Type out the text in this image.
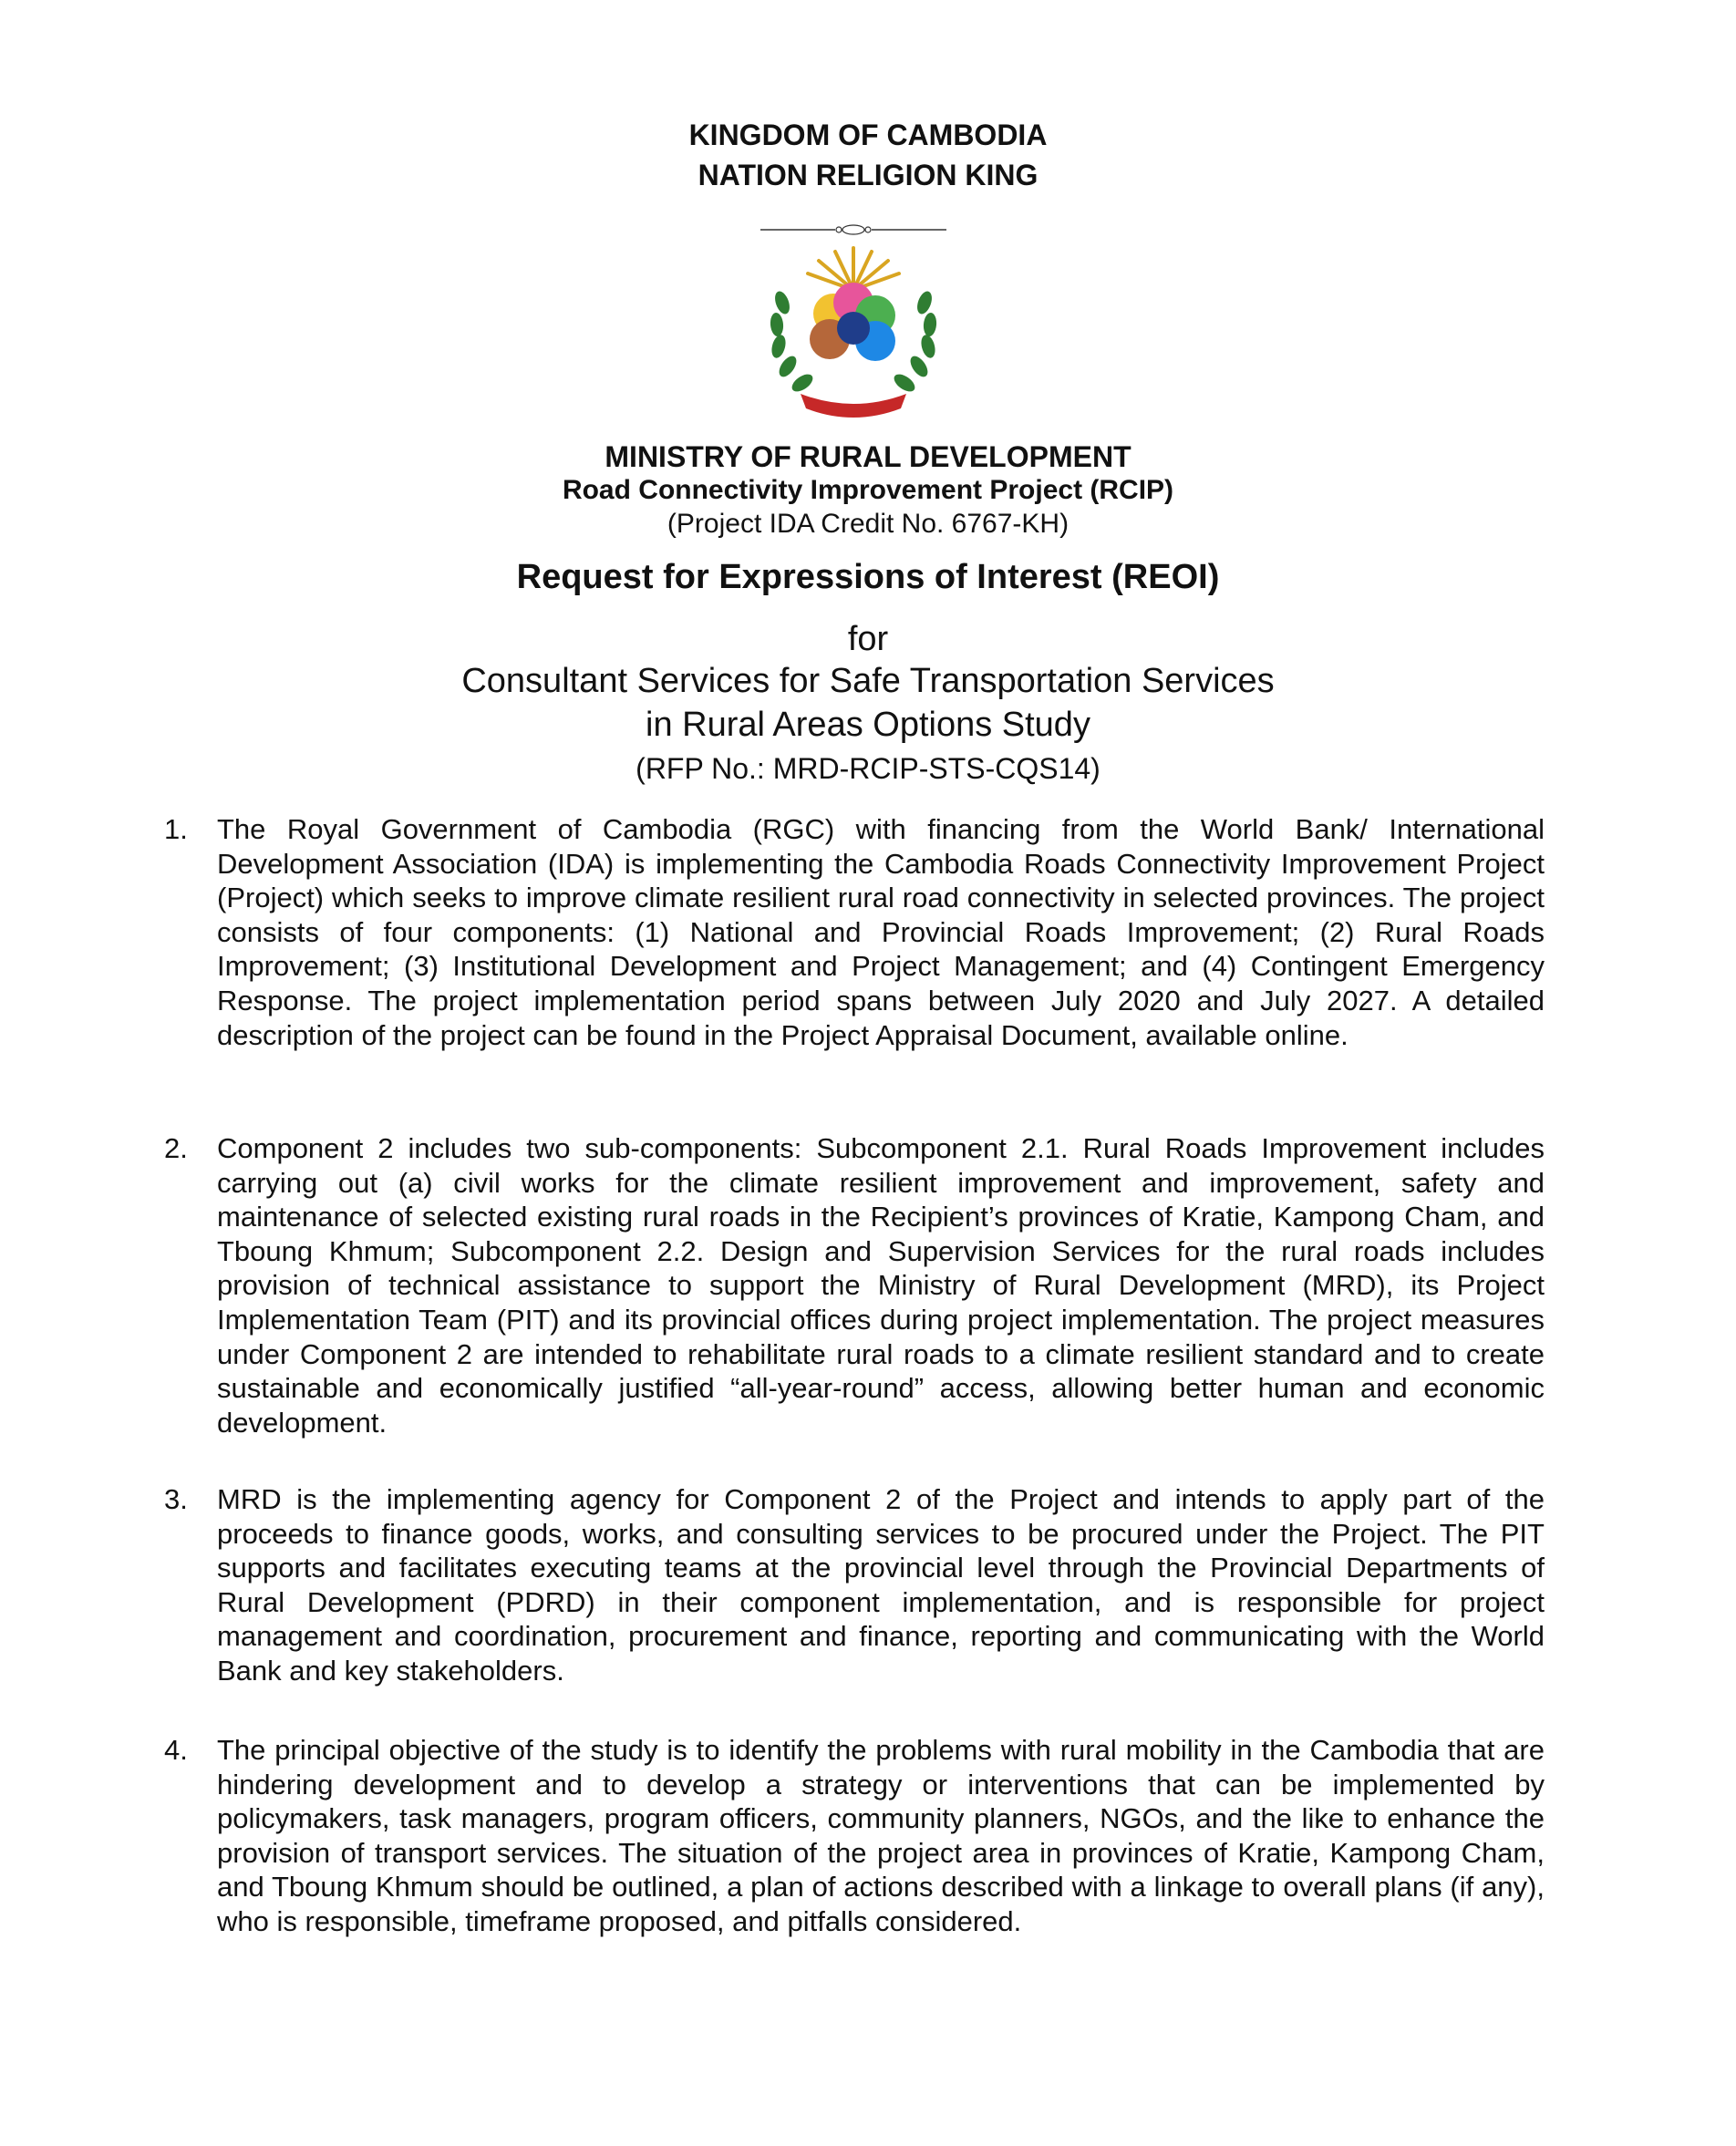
KINGDOM OF CAMBODIA
NATION RELIGION KING
MINISTRY OF RURAL DEVELOPMENT
Road Connectivity Improvement Project (RCIP)
(Project IDA Credit No. 6767-KH)
Request for Expressions of Interest (REOI)
for
Consultant Services for Safe Transportation Services
in Rural Areas Options Study
(RFP No.: MRD-RCIP-STS-CQS14)
1.	The Royal Government of Cambodia (RGC) with financing from the World Bank/ International Development Association (IDA) is implementing the Cambodia Roads Connectivity Improvement Project (Project) which seeks to improve climate resilient rural road connectivity in selected provinces. The project consists of four components: (1) National and Provincial Roads Improvement; (2) Rural Roads Improvement; (3) Institutional Development and Project Management; and (4) Contingent Emergency Response. The project implementation period spans between July 2020 and July 2027. A detailed description of the project can be found in the Project Appraisal Document, available online.
2.	Component 2 includes two sub-components: Subcomponent 2.1. Rural Roads Improvement includes carrying out (a) civil works for the climate resilient improvement and improvement, safety and maintenance of selected existing rural roads in the Recipient’s provinces of Kratie, Kampong Cham, and Tboung Khmum; Subcomponent 2.2. Design and Supervision Services for the rural roads includes provision of technical assistance to support the Ministry of Rural Development (MRD), its Project Implementation Team (PIT) and its provincial offices during project implementation. The project measures under Component 2 are intended to rehabilitate rural roads to a climate resilient standard and to create sustainable and economically justified “all-year-round” access, allowing better human and economic development.
3.	MRD is the implementing agency for Component 2 of the Project and intends to apply part of the proceeds to finance goods, works, and consulting services to be procured under the Project. The PIT supports and facilitates executing teams at the provincial level through the Provincial Departments of Rural Development (PDRD) in their component implementation, and is responsible for project management and coordination, procurement and finance, reporting and communicating with the World Bank and key stakeholders.
4.	The principal objective of the study is to identify the problems with rural mobility in the Cambodia that are hindering development and to develop a strategy or interventions that can be implemented by policymakers, task managers, program officers, community planners, NGOs, and the like to enhance the provision of transport services. The situation of the project area in provinces of Kratie, Kampong Cham, and Tboung Khmum should be outlined, a plan of actions described with a linkage to overall plans (if any), who is responsible, timeframe proposed, and pitfalls considered.
